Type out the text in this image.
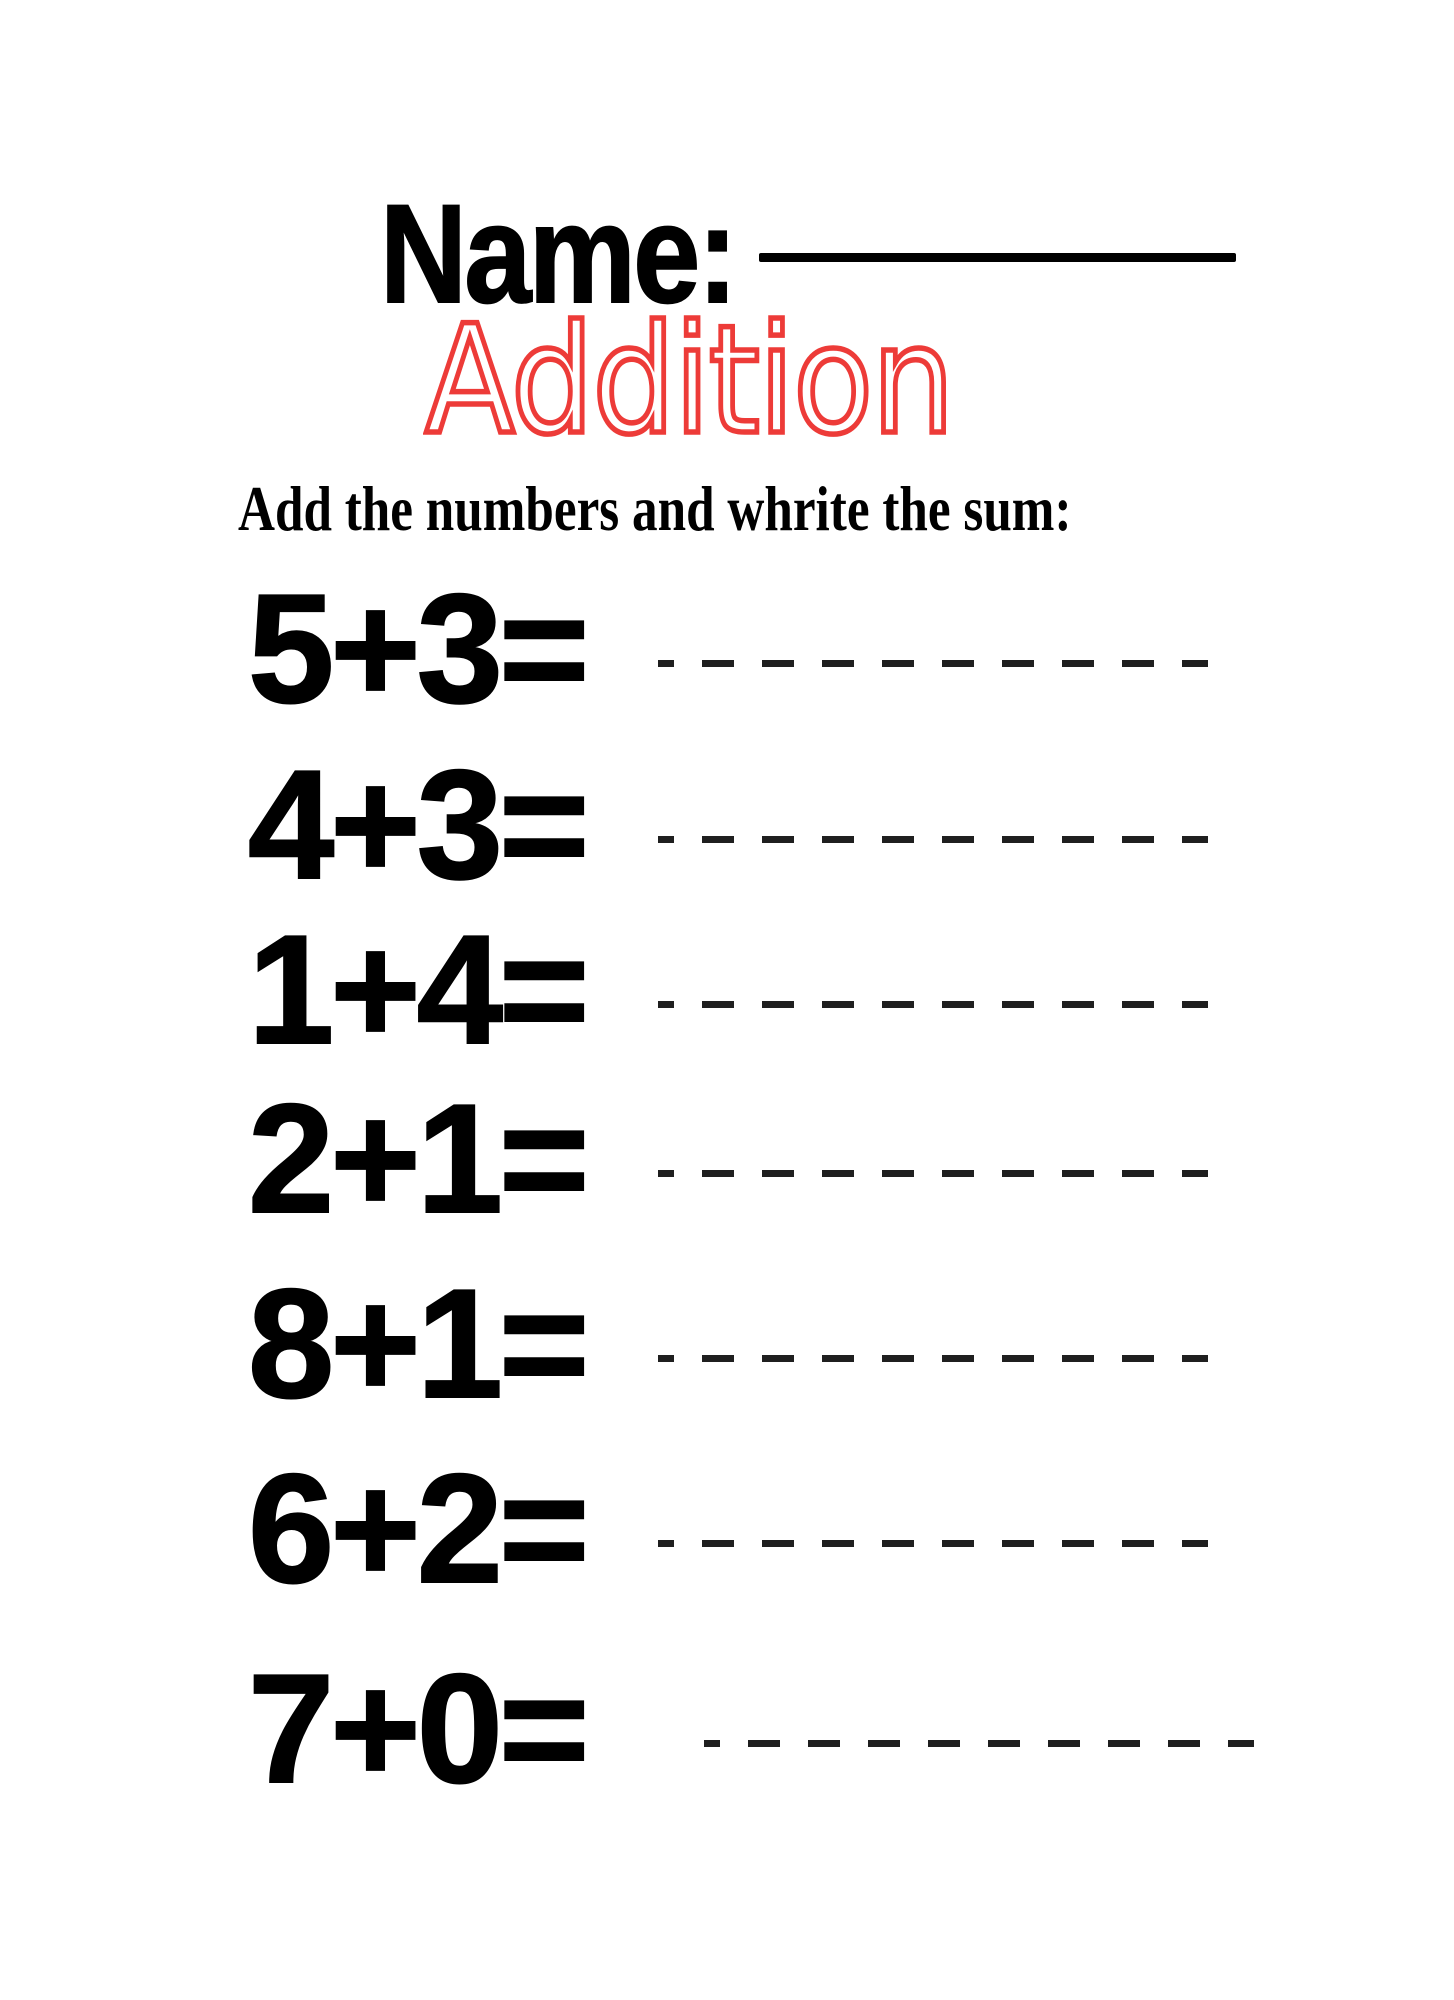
Name:
Addition

Add the numbers and whrite the sum:

5+3=
4+3=
1+4=
2+1=
8+1=
6+2=
7+0=
